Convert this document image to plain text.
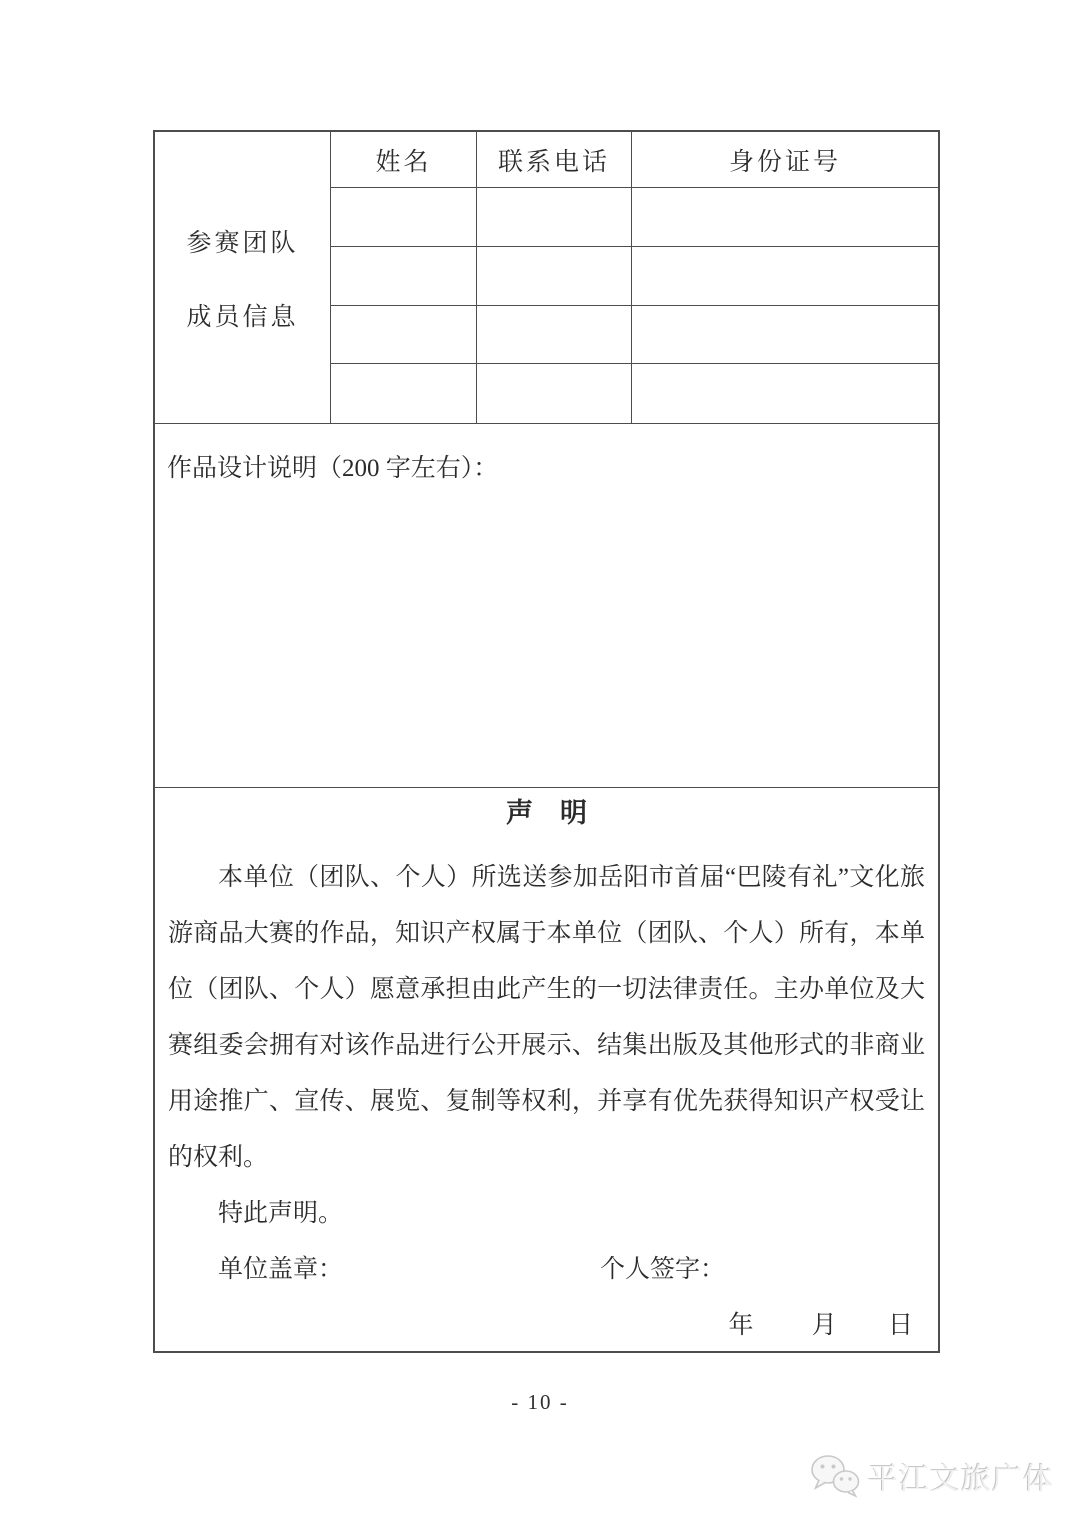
参赛团队
成员信息
姓名	联系电话	身份证号
作品设计说明（200 字左右）：
声　明

本单位（团队、个人）所选送参加岳阳市首届“巴陵有礼”文化旅游商品大赛的作品，知识产权属于本单位（团队、个人）所有，本单位（团队、个人）愿意承担由此产生的一切法律责任。主办单位及大赛组委会拥有对该作品进行公开展示、结集出版及其他形式的非商业用途推广、宣传、展览、复制等权利，并享有优先获得知识产权受让的权利。

特此声明。

单位盖章：	个人签字：
年 月 日
- 10 -
平江文旅广体
